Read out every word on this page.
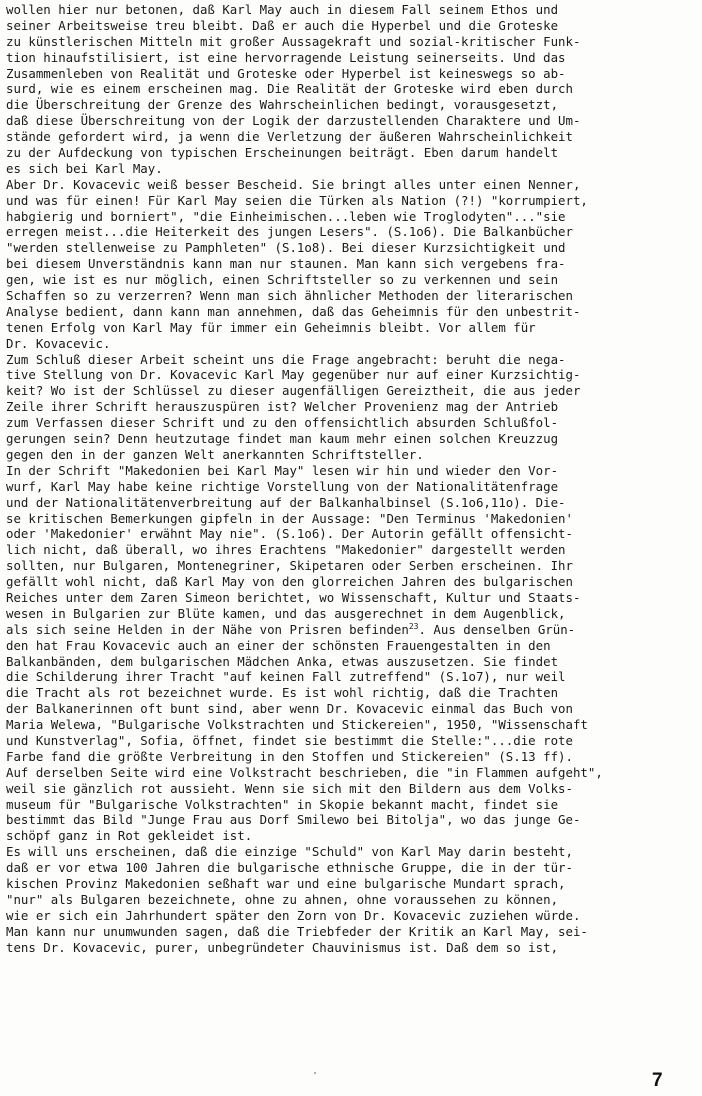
wollen hier nur betonen, daß Karl May auch in diesem Fall seinem Ethos und
seiner Arbeitsweise treu bleibt. Daß er auch die Hyperbel und die Groteske
zu künstlerischen Mitteln mit großer Aussagekraft und sozial-kritischer Funk-
tion hinaufstilisiert, ist eine hervorragende Leistung seinerseits. Und das
Zusammenleben von Realität und Groteske oder Hyperbel ist keineswegs so ab-
surd, wie es einem erscheinen mag. Die Realität der Groteske wird eben durch
die Überschreitung der Grenze des Wahrscheinlichen bedingt, vorausgesetzt,
daß diese Überschreitung von der Logik der darzustellenden Charaktere und Um-
stände gefordert wird, ja wenn die Verletzung der äußeren Wahrscheinlichkeit
zu der Aufdeckung von typischen Erscheinungen beiträgt. Eben darum handelt
es sich bei Karl May.
Aber Dr. Kovacevic weiß besser Bescheid. Sie bringt alles unter einen Nenner,
und was für einen! Für Karl May seien die Türken als Nation (?!) "korrumpiert,
habgierig und borniert", "die Einheimischen...leben wie Troglodyten"..."sie
erregen meist...die Heiterkeit des jungen Lesers". (S.1o6). Die Balkanbücher
"werden stellenweise zu Pamphleten" (S.1o8). Bei dieser Kurzsichtigkeit und
bei diesem Unverständnis kann man nur staunen. Man kann sich vergebens fra-
gen, wie ist es nur möglich, einen Schriftsteller so zu verkennen und sein
Schaffen so zu verzerren? Wenn man sich ähnlicher Methoden der literarischen
Analyse bedient, dann kann man annehmen, daß das Geheimnis für den unbestrit-
tenen Erfolg von Karl May für immer ein Geheimnis bleibt. Vor allem für
Dr. Kovacevic.
Zum Schluß dieser Arbeit scheint uns die Frage angebracht: beruht die nega-
tive Stellung von Dr. Kovacevic Karl May gegenüber nur auf einer Kurzsichtig-
keit? Wo ist der Schlüssel zu dieser augenfälligen Gereiztheit, die aus jeder
Zeile ihrer Schrift herauszuspüren ist? Welcher Provenienz mag der Antrieb
zum Verfassen dieser Schrift und zu den offensichtlich absurden Schlußfol-
gerungen sein? Denn heutzutage findet man kaum mehr einen solchen Kreuzzug
gegen den in der ganzen Welt anerkannten Schriftsteller.
In der Schrift "Makedonien bei Karl May" lesen wir hin und wieder den Vor-
wurf, Karl May habe keine richtige Vorstellung von der Nationalitätenfrage
und der Nationalitätenverbreitung auf der Balkanhalbinsel (S.1o6,11o). Die-
se kritischen Bemerkungen gipfeln in der Aussage: "Den Terminus 'Makedonien'
oder 'Makedonier' erwähnt May nie". (S.1o6). Der Autorin gefällt offensicht-
lich nicht, daß überall, wo ihres Erachtens "Makedonier" dargestellt werden
sollten, nur Bulgaren, Montenegriner, Skipetaren oder Serben erscheinen. Ihr
gefällt wohl nicht, daß Karl May von den glorreichen Jahren des bulgarischen
Reiches unter dem Zaren Simeon berichtet, wo Wissenschaft, Kultur und Staats-
wesen in Bulgarien zur Blüte kamen, und das ausgerechnet in dem Augenblick,
als sich seine Helden in der Nähe von Prisren befinden$^{23}$. Aus denselben Grün-
den hat Frau Kovacevic auch an einer der schönsten Frauengestalten in den
Balkanbänden, dem bulgarischen Mädchen Anka, etwas auszusetzen. Sie findet
die Schilderung ihrer Tracht "auf keinen Fall zutreffend" (S.1o7), nur weil
die Tracht als rot bezeichnet wurde. Es ist wohl richtig, daß die Trachten
der Balkanerinnen oft bunt sind, aber wenn Dr. Kovacevic einmal das Buch von
Maria Welewa, "Bulgarische Volkstrachten und Stickereien", 1950, "Wissenschaft
und Kunstverlag", Sofia, öffnet, findet sie bestimmt die Stelle:"...die rote
Farbe fand die größte Verbreitung in den Stoffen und Stickereien" (S.13 ff).
Auf derselben Seite wird eine Volkstracht beschrieben, die "in Flammen aufgeht",
weil sie gänzlich rot aussieht. Wenn sie sich mit den Bildern aus dem Volks-
museum für "Bulgarische Volkstrachten" in Skopie bekannt macht, findet sie
bestimmt das Bild "Junge Frau aus Dorf Smilewo bei Bitolja", wo das junge Ge-
schöpf ganz in Rot gekleidet ist.
Es will uns erscheinen, daß die einzige "Schuld" von Karl May darin besteht,
daß er vor etwa 100 Jahren die bulgarische ethnische Gruppe, die in der tür-
kischen Provinz Makedonien seßhaft war und eine bulgarische Mundart sprach,
"nur" als Bulgaren bezeichnete, ohne zu ahnen, ohne voraussehen zu können,
wie er sich ein Jahrhundert später den Zorn von Dr. Kovacevic zuziehen würde.
Man kann nur unumwunden sagen, daß die Triebfeder der Kritik an Karl May, sei-
tens Dr. Kovacevic, purer, unbegründeter Chauvinismus ist. Daß dem so ist,
7
